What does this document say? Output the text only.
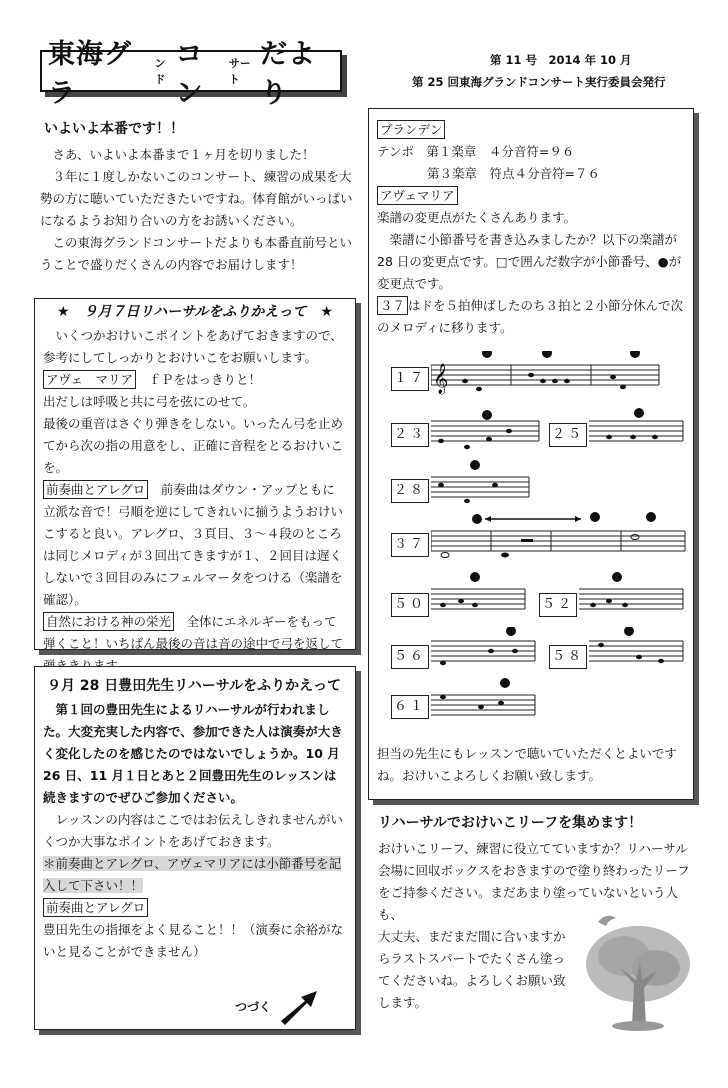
東海グラ
ンド
コン
サート
だより
第 11 号　2014 年 10 月
第 25 回東海グランドコンサート実行委員会発行
いよいよ本番です！！

さあ、いよいよ本番まで１ヶ月を切りました！

３年に１度しかないこのコンサート、練習の成果を大勢の方に聴いていただきたいですね。体育館がいっぱいになるようお知り合いの方をお誘いください。

この東海グランドコンサートだよりも本番直前号ということで盛りだくさんの内容でお届けします！

★　９月７日リハーサルをふりかえって　★

いくつかおけいこポイントをあげておきますので、参考にしてしっかりとおけいこをお願いします。

アヴェ　マリア　ｆＰをはっきりと！

出だしは呼吸と共に弓を弦にのせて。

最後の重音はさぐり弾きをしない。いったん弓を止めてから次の指の用意をし、正確に音程をとるおけいこを。

前奏曲とアレグロ　前奏曲はダウン・アップともに立派な音で！弓順を逆にしてきれいに揃うようおけいこすると良い。アレグロ、３頁目、３～４段のところは同じメロディが３回出てきますが１、２回目は遅くしないで３回目のみにフェルマータをつける（楽譜を確認）。

自然における神の栄光　全体にエネルギーをもって弾くこと！いちばん最後の音は音の途中で弓を返して

９月 28 日豊田先生リハーサルをふりかえって

第１回の豊田先生によるリハーサルが行われました。大変充実した内容で、参加できた人は演奏が大きく変化したのを感じたのではないでしょうか。10 月 26 日、11 月１日とあと２回豊田先生のレッスンは続きますのでぜひご参加ください。

レッスンの内容はここではお伝えしきれませんがいくつか大事なポイントをあげておきます。

＊前奏曲とアレグロ、アヴェマリアには小節番号を記入して下さい！！

前奏曲とアレグロ

豊田先生の指揮をよく見ること！！（演奏に余裕がないと見ることができません）

つづく

ブランデン

テンポ　第１楽章　４分音符=９６

　　　　第３楽章　符点４分音符=７６

アヴェマリア

楽譜の変更点がたくさんあります。

楽譜に小節番号を書き込みましたか？以下の楽譜が 28 日の変更点です。□で囲んだ数字が小節番号、●が変更点です。

３７ はドを５拍伸ばしたのち３拍と２小節分休んで次のメロディに移ります。

１７ 𝄞
２３	２５
２８
３７
５０	５２
５６	５８
６１

担当の先生にもレッスンで聴いていただくとよいですね。おけいこよろしくお願い致します。

リハーサルでおけいこリーフを集めます！

おけいこリーフ、練習に役立てていますか？リハーサル会場に回収ボックスをおきますので塗り終わったリーフをご持参ください。まだあまり塗っていないという人も、

大丈夫、まだまだ間に合いますか

らラストスパートでたくさん塗っ

てくださいね。よろしくお願い致

します。
